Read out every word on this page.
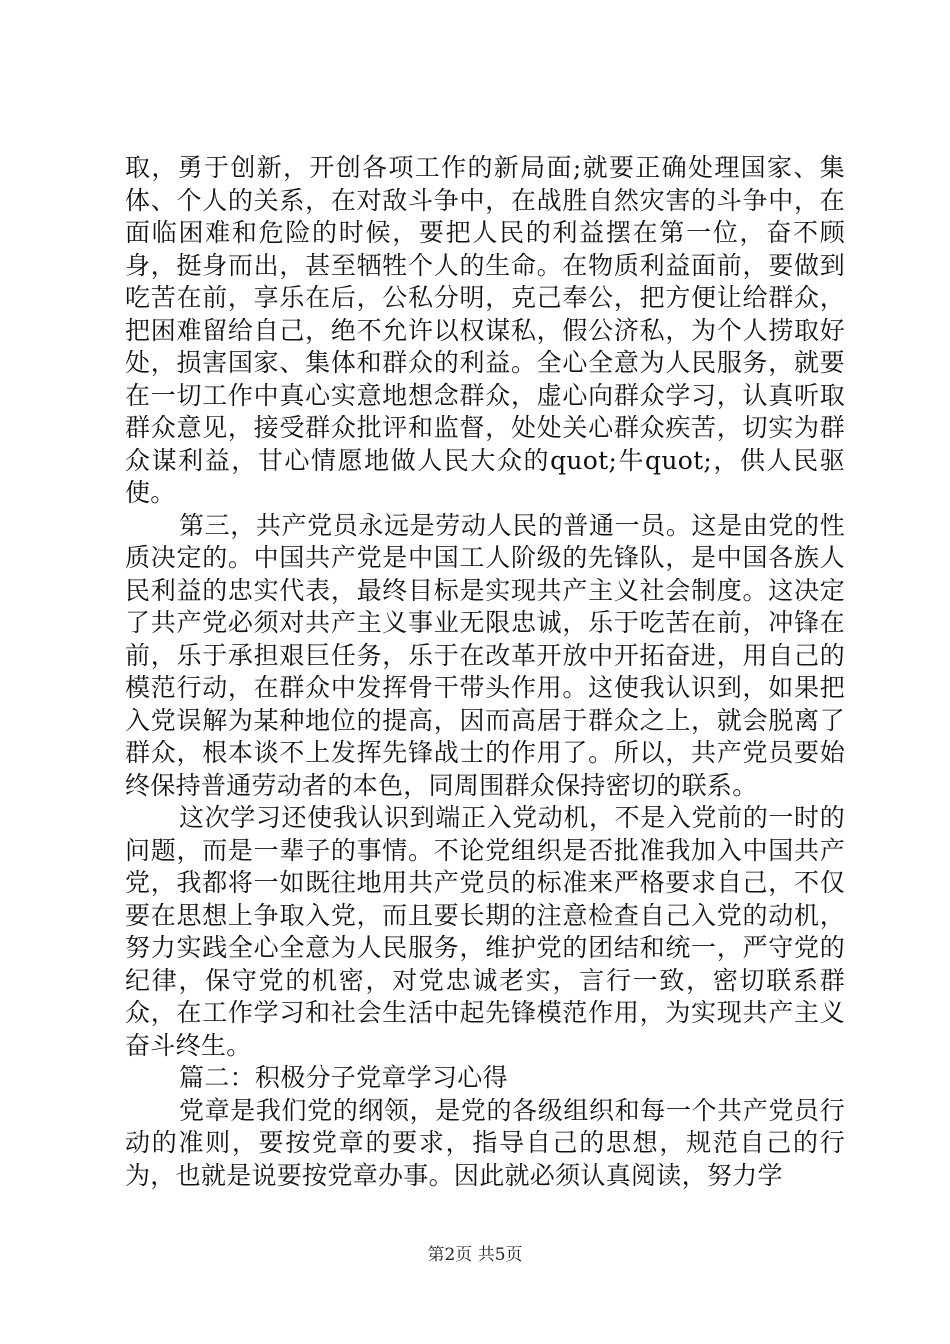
取，勇于创新，开创各项工作的新局面;就要正确处理国家、集体、个人的关系，在对敌斗争中，在战胜自然灾害的斗争中，在面临困难和危险的时候，要把人民的利益摆在第一位，奋不顾身，挺身而出，甚至牺牲个人的生命。在物质利益面前，要做到吃苦在前，享乐在后，公私分明，克己奉公，把方便让给群众，把困难留给自己，绝不允许以权谋私，假公济私，为个人捞取好处，损害国家、集体和群众的利益。全心全意为人民服务，就要在一切工作中真心实意地想念群众，虚心向群众学习，认真听取群众意见，接受群众批评和监督，处处关心群众疾苦，切实为群众谋利益，甘心情愿地做人民大众的quot;牛quot;，供人民驱使。

第三，共产党员永远是劳动人民的普通一员。这是由党的性质决定的。中国共产党是中国工人阶级的先锋队，是中国各族人民利益的忠实代表，最终目标是实现共产主义社会制度。这决定了共产党必须对共产主义事业无限忠诚，乐于吃苦在前，冲锋在前，乐于承担艰巨任务，乐于在改革开放中开拓奋进，用自己的模范行动，在群众中发挥骨干带头作用。这使我认识到，如果把入党误解为某种地位的提高，因而高居于群众之上，就会脱离了群众，根本谈不上发挥先锋战士的作用了。所以，共产党员要始终保持普通劳动者的本色，同周围群众保持密切的联系。

这次学习还使我认识到端正入党动机，不是入党前的一时的问题，而是一辈子的事情。不论党组织是否批准我加入中国共产党，我都将一如既往地用共产党员的标准来严格要求自己，不仅要在思想上争取入党，而且要长期的注意检查自己入党的动机，努力实践全心全意为人民服务，维护党的团结和统一，严守党的纪律，保守党的机密，对党忠诚老实，言行一致，密切联系群众，在工作学习和社会生活中起先锋模范作用，为实现共产主义奋斗终生。

篇二：积极分子党章学习心得

党章是我们党的纲领，是党的各级组织和每一个共产党员行动的准则，要按党章的要求，指导自己的思想，规范自己的行为，也就是说要按党章办事。因此就必须认真阅读，努力学

第2页 共5页
